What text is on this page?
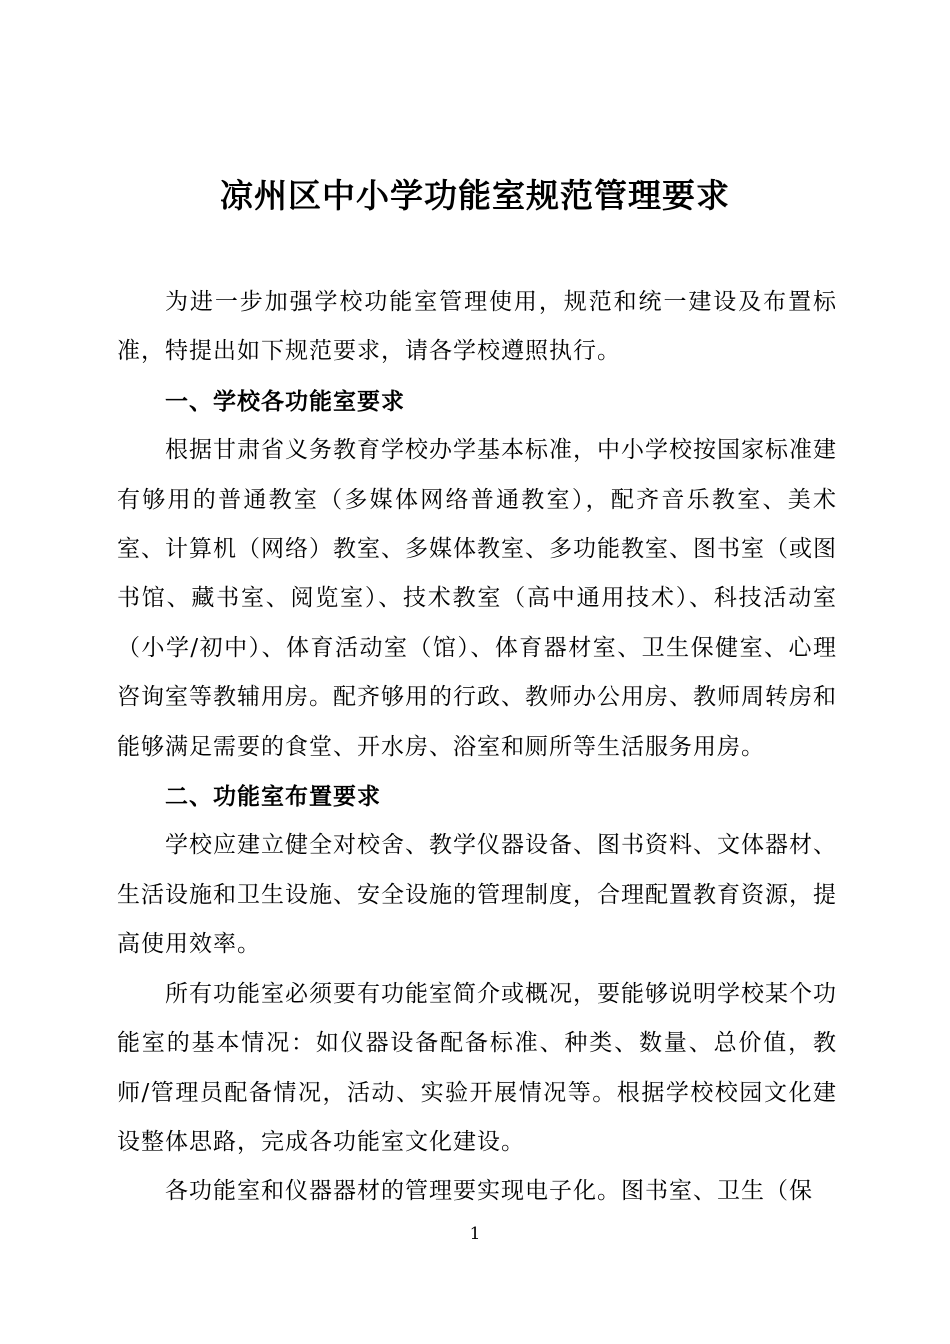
凉州区中小学功能室规范管理要求

为进一步加强学校功能室管理使用，规范和统一建设及布置标准，特提出如下规范要求，请各学校遵照执行。

一、学校各功能室要求

根据甘肃省义务教育学校办学基本标准，中小学校按国家标准建有够用的普通教室（多媒体网络普通教室），配齐音乐教室、美术室、计算机（网络）教室、多媒体教室、多功能教室、图书室（或图书馆、藏书室、阅览室）、技术教室（高中通用技术）、科技活动室（小学/初中）、体育活动室（馆）、体育器材室、卫生保健室、心理咨询室等教辅用房。配齐够用的行政、教师办公用房、教师周转房和能够满足需要的食堂、开水房、浴室和厕所等生活服务用房。

二、功能室布置要求

学校应建立健全对校舍、教学仪器设备、图书资料、文体器材、生活设施和卫生设施、安全设施的管理制度，合理配置教育资源，提高使用效率。

所有功能室必须要有功能室简介或概况，要能够说明学校某个功能室的基本情况：如仪器设备配备标准、种类、数量、总价值，教师/管理员配备情况，活动、实验开展情况等。根据学校校园文化建设整体思路，完成各功能室文化建设。

各功能室和仪器器材的管理要实现电子化。图书室、卫生（保

1
